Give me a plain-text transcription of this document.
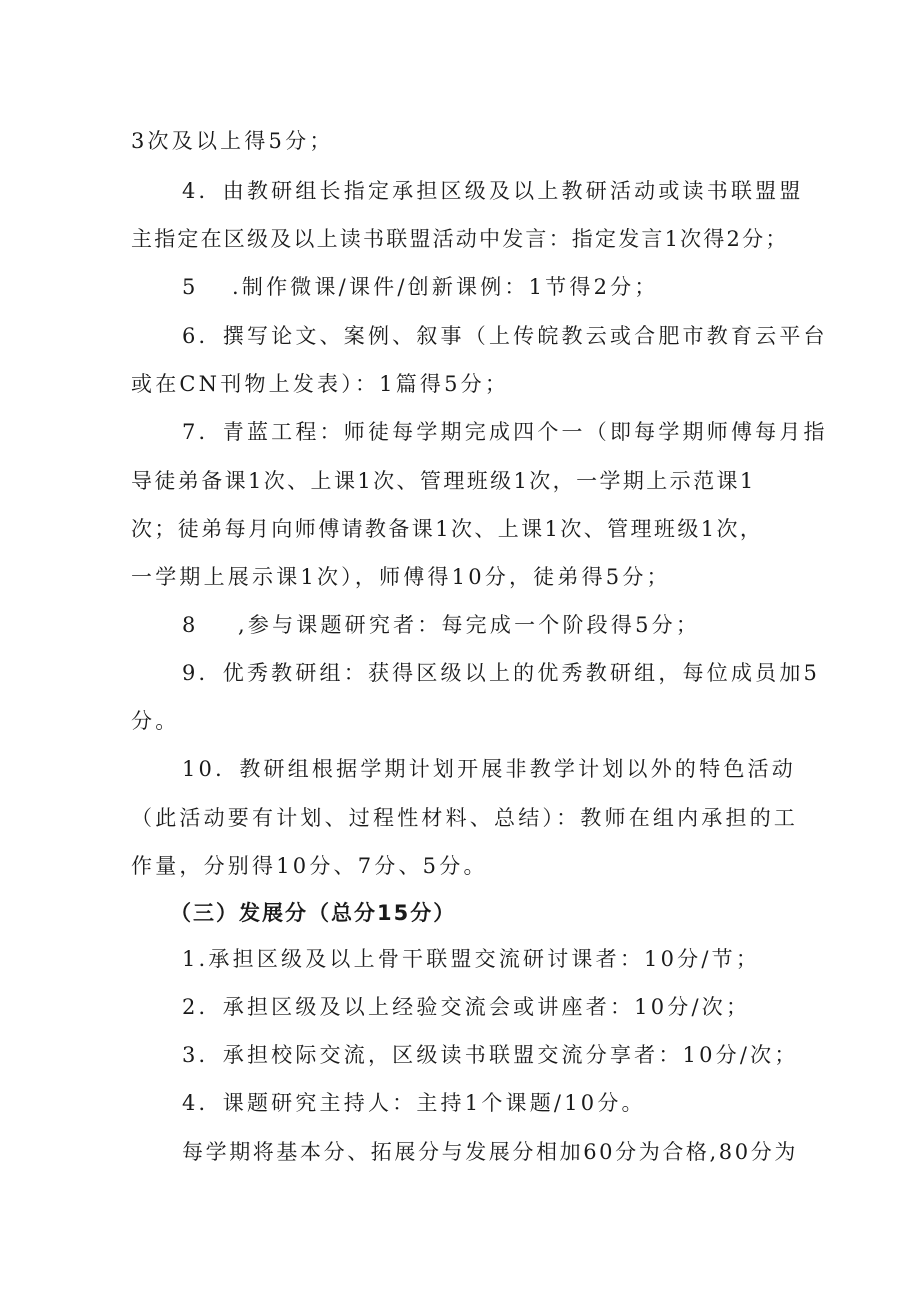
3次及以上得5分；
4．由教研组长指定承担区级及以上教研活动或读书联盟盟
主指定在区级及以上读书联盟活动中发言：指定发言1次得2分；
5 .制作微课/课件/创新课例：1节得2分；
6．撰写论文、案例、叙事（上传皖教云或合肥市教育云平台
或在CN刊物上发表）：1篇得5分；
7．青蓝工程：师徒每学期完成四个一（即每学期师傅每月指
导徒弟备课1次、上课1次、管理班级1次，一学期上示范课1
次；徒弟每月向师傅请教备课1次、上课1次、管理班级1次，
一学期上展示课1次），师傅得10分，徒弟得5分；
8 ,参与课题研究者：每完成一个阶段得5分；
9．优秀教研组：获得区级以上的优秀教研组，每位成员加5
分。
10．教研组根据学期计划开展非教学计划以外的特色活动
（此活动要有计划、过程性材料、总结）：教师在组内承担的工
作量，分别得10分、7分、5分。
（三）发展分（总分15分）
1.承担区级及以上骨干联盟交流研讨课者：10分/节；
2．承担区级及以上经验交流会或讲座者：10分/次；
3．承担校际交流，区级读书联盟交流分享者：10分/次；
4．课题研究主持人：主持1个课题/10分。
每学期将基本分、拓展分与发展分相加60分为合格,80分为
